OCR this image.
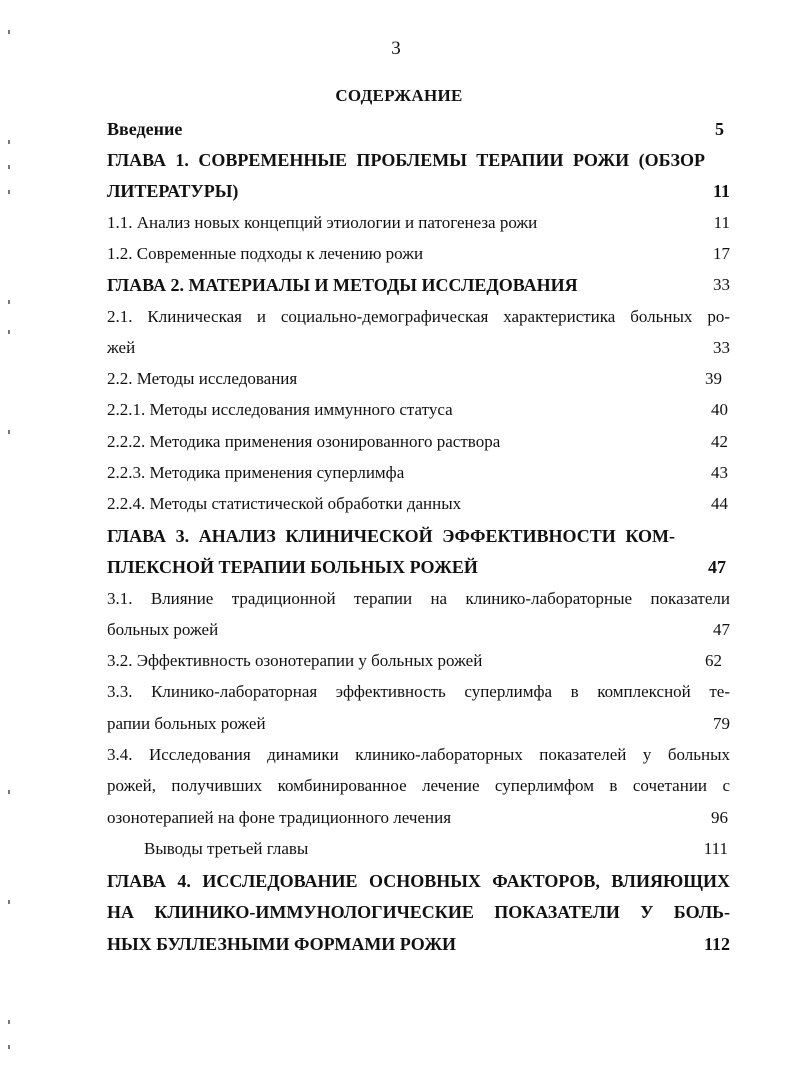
3
СОДЕРЖАНИЕ
Введение	5
ГЛАВА 1. СОВРЕМЕННЫЕ ПРОБЛЕМЫ ТЕРАПИИ РОЖИ (ОБЗОР
ЛИТЕРАТУРЫ)	11
1.1. Анализ новых концепций этиологии и патогенеза рожи	11
1.2. Современные подходы к лечению рожи	17
ГЛАВА 2. МАТЕРИАЛЫ И МЕТОДЫ ИССЛЕДОВАНИЯ	33
2.1. Клиническая и социально-демографическая характеристика больных ро-
жей	33
2.2. Методы исследования	39
2.2.1. Методы исследования иммунного статуса	40
2.2.2. Методика применения озонированного раствора	42
2.2.3. Методика применения суперлимфа	43
2.2.4. Методы статистической обработки данных	44
ГЛАВА 3. АНАЛИЗ КЛИНИЧЕСКОЙ ЭФФЕКТИВНОСТИ КОМ-
ПЛЕКСНОЙ ТЕРАПИИ БОЛЬНЫХ РОЖЕЙ	47
3.1. Влияние традиционной терапии на клинико-лабораторные показатели
больных рожей	47
3.2. Эффективность озонотерапии у больных рожей	62
3.3. Клинико-лабораторная эффективность суперлимфа в комплексной те-
рапии больных рожей	79
3.4. Исследования динамики клинико-лабораторных показателей у больных
рожей, получивших комбинированное лечение суперлимфом в сочетании с
озонотерапией на фоне традиционного лечения	96
Выводы третьей главы	111
ГЛАВА 4. ИССЛЕДОВАНИЕ ОСНОВНЫХ ФАКТОРОВ, ВЛИЯЮЩИХ
НА КЛИНИКО-ИММУНОЛОГИЧЕСКИЕ ПОКАЗАТЕЛИ У БОЛЬ-
НЫХ БУЛЛЕЗНЫМИ ФОРМАМИ РОЖИ	112
